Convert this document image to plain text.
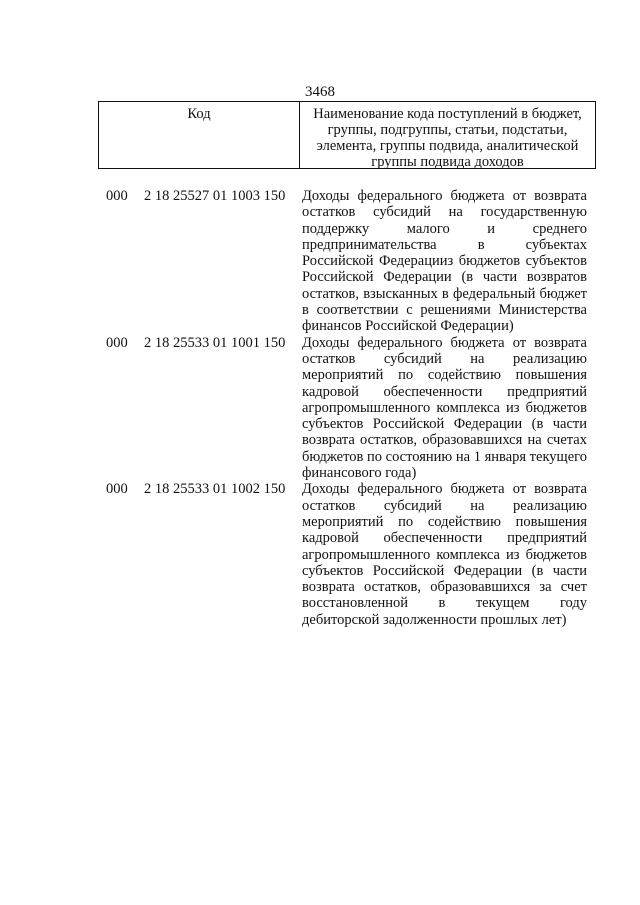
3468
Код	Наименование кода поступлений в бюджет, группы, подгруппы, статьи, подстатьи, элемента, группы подвида, аналитической группы подвида доходов
000 2 18 25527 01 1003 150 Доходы федерального бюджета от возврата остатков субсидий на государственную поддержку малого и среднего предпринимательства в субъектах Российской Федерацииз бюджетов субъектов Российской Федерации (в части возвратов остатков, взысканных в федеральный бюджет в соответствии с решениями Министерства финансов Российской Федерации)
000 2 18 25533 01 1001 150 Доходы федерального бюджета от возврата остатков субсидий на реализацию мероприятий по содействию повышения кадровой обеспеченности предприятий агропромышленного комплекса из бюджетов субъектов Российской Федерации (в части возврата остатков, образовавшихся на счетах бюджетов по состоянию на 1 января текущего финансового года)
000 2 18 25533 01 1002 150 Доходы федерального бюджета от возврата остатков субсидий на реализацию мероприятий по содействию повышения кадровой обеспеченности предприятий агропромышленного комплекса из бюджетов субъектов Российской Федерации (в части возврата остатков, образовавшихся за счет восстановленной в текущем году дебиторской задолженности прошлых лет)
